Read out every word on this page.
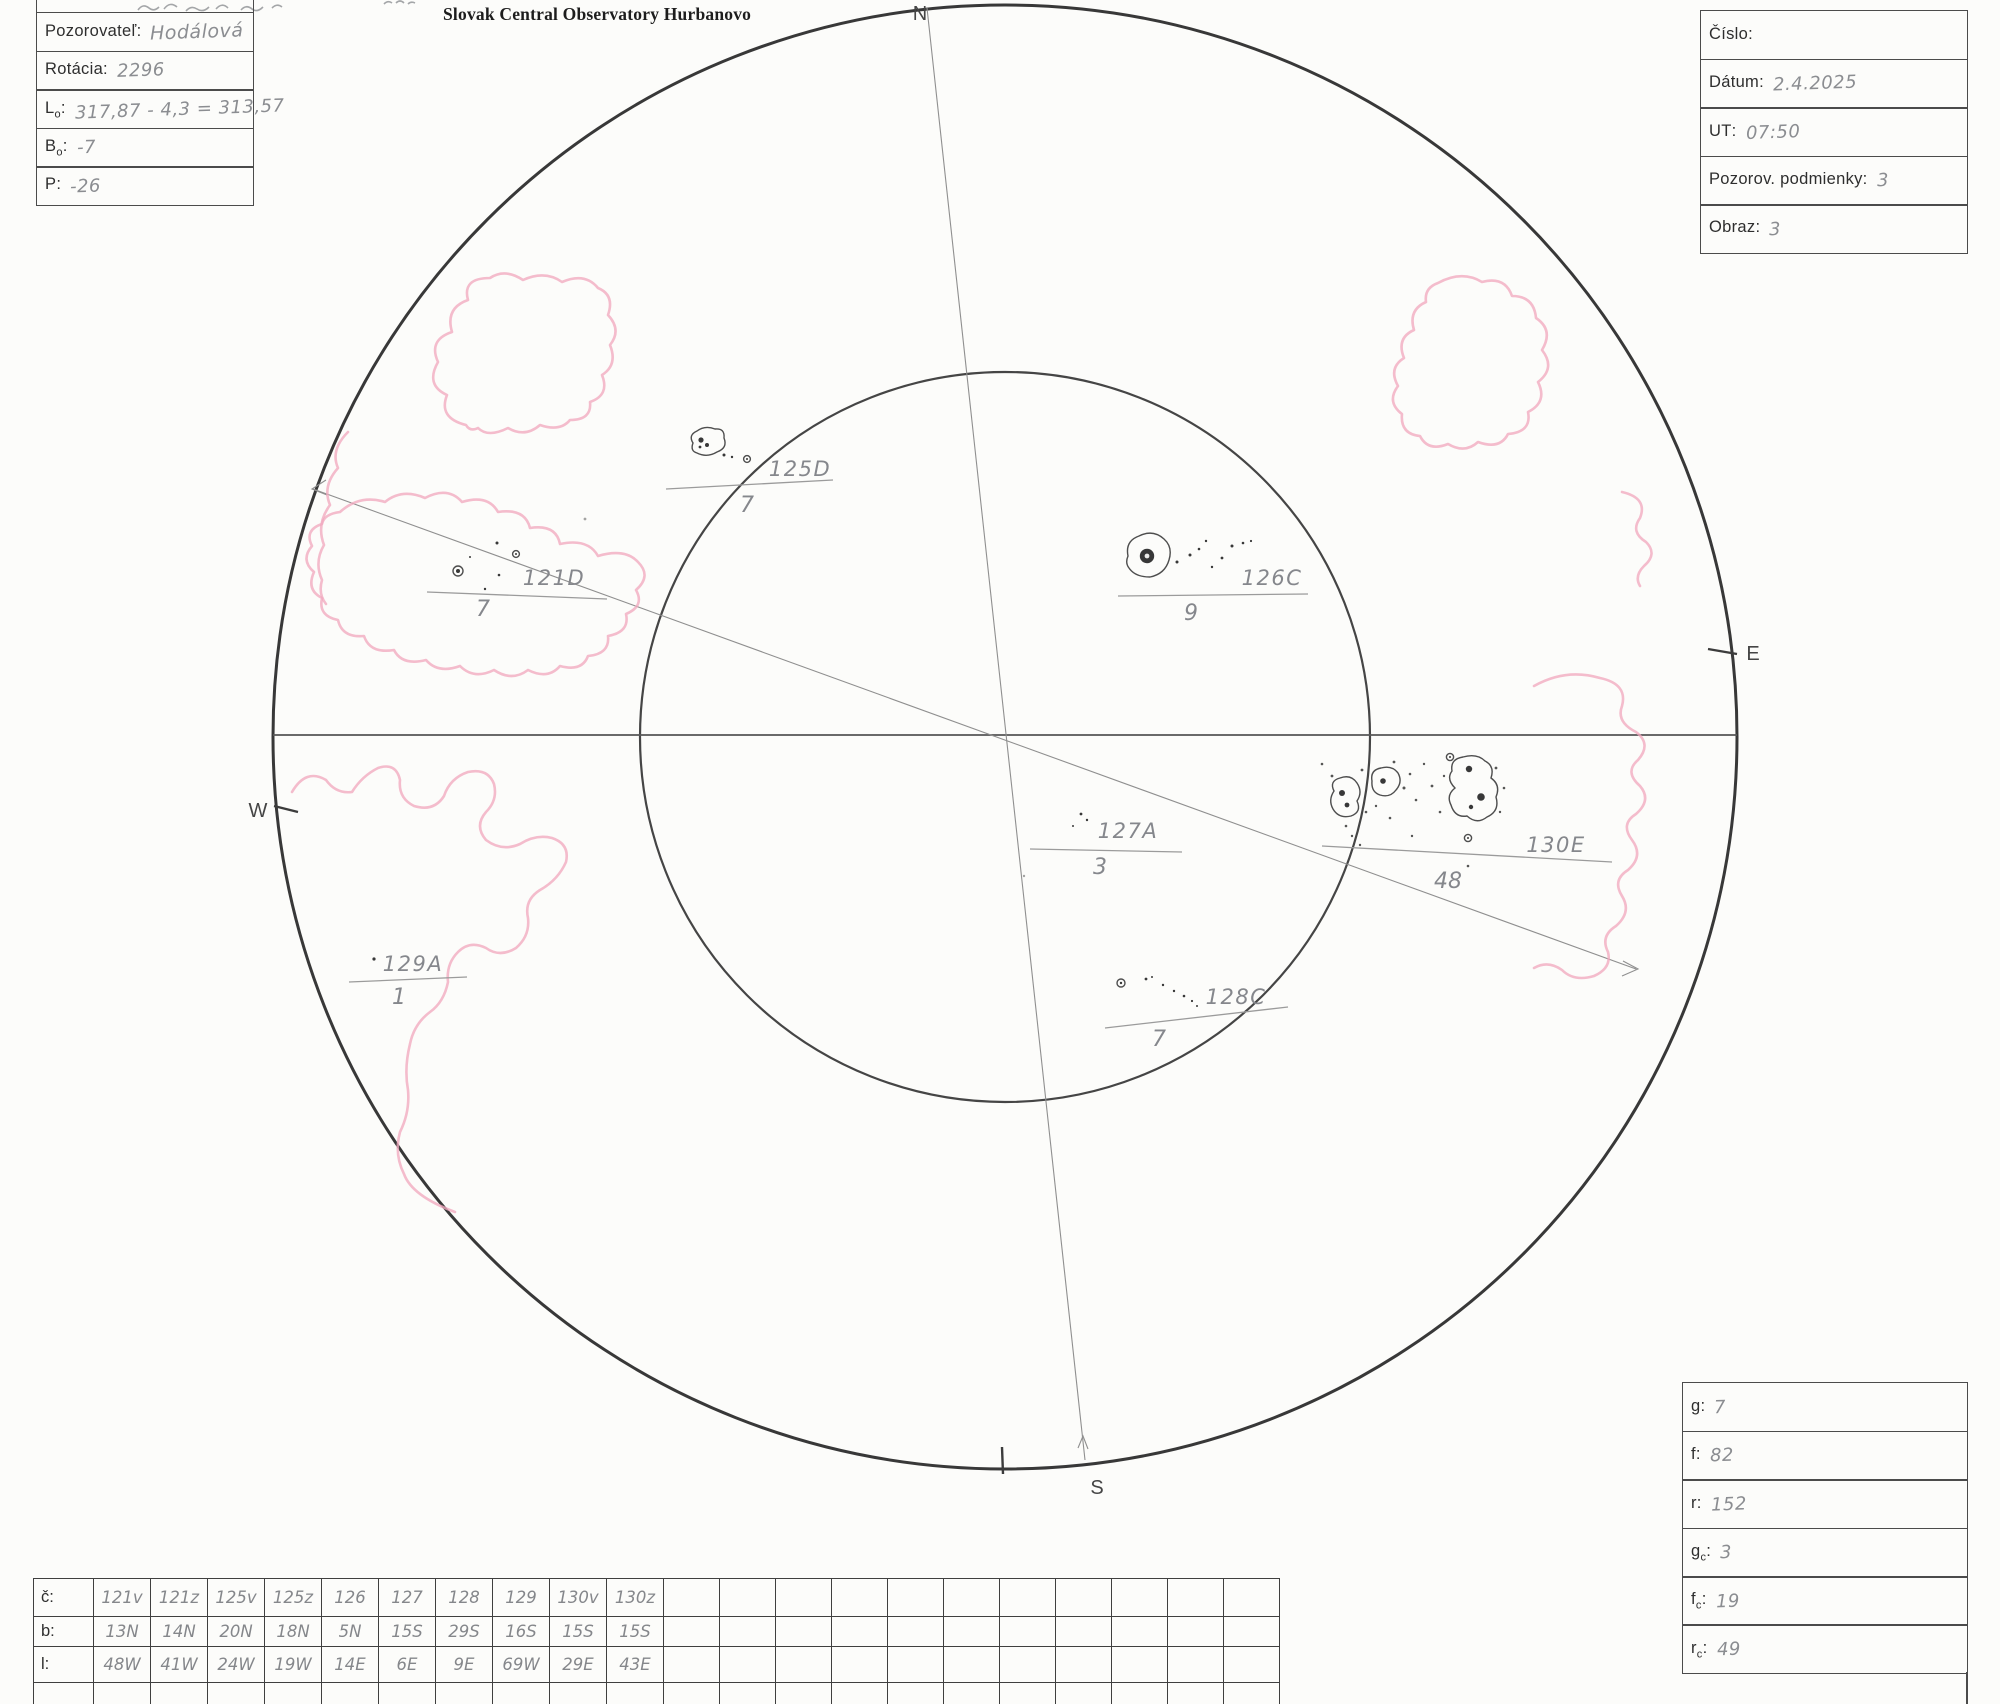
N
E
S
W
125D
7
121D
7
126C
9
127A
3
130E
48
129A
1	128C
7
Slovak Central Observatory Hurbanovo
Pozorovateľ: Hodálová
Rotácia: 2296
$L_o$: 317,87 - 4,3 = 313,57
$B_o$: -7
P: -26
Číslo:
Dátum: 2.4.2025
UT: 07:50
Pozorov. podmienky: 3
Obraz: 3
g: 7
f: 82
r: 152
$g_c$: 3
$f_c$: 19
$r_c$: 49
č:	121v	121z	125v	125z	126	127	128	129	130v	130z											
b:	13N	14N	20N	18N	5N	15S	29S	16S	15S	15S											
l:	48W	41W	24W	19W	14E	6E	9E	69W	29E	43E											
